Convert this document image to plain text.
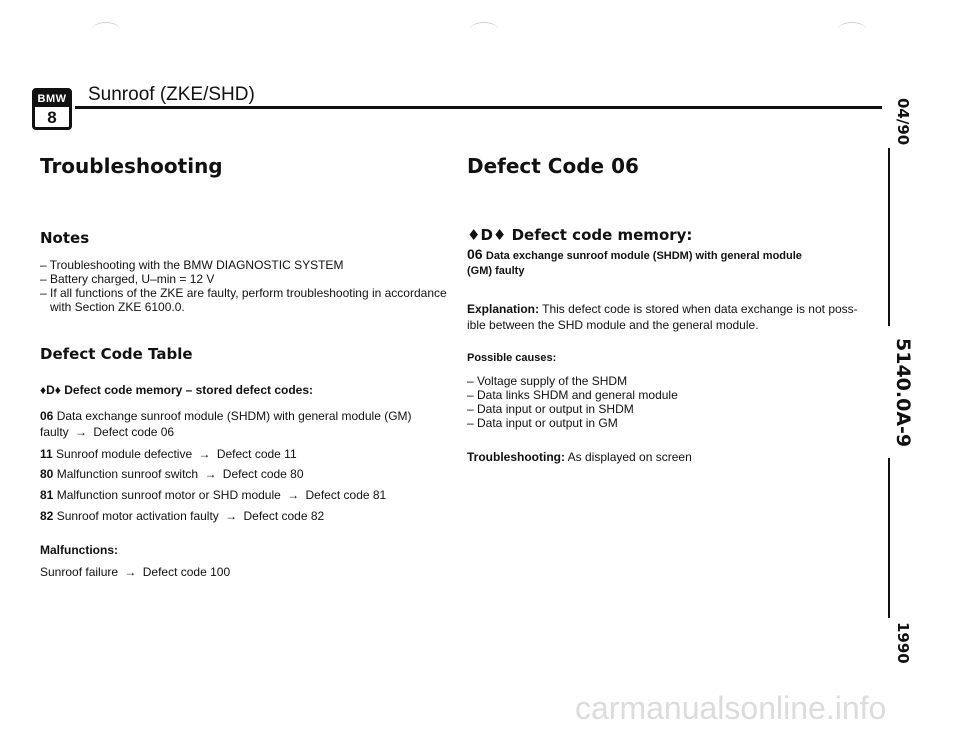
BMW
8
Sunroof (ZKE/SHD)
04/90
5140.0A-9
1990
Troubleshooting
Notes
– Troubleshooting with the BMW DIAGNOSTIC SYSTEM
– Battery charged, U–min = 12 V
– If all functions of the ZKE are faulty, perform troubleshooting in accordance
with Section ZKE 6100.0.
Defect Code Table
♦D♦ Defect code memory – stored defect codes:
06 Data exchange sunroof module (SHDM) with general module (GM)
faulty → Defect code 06
11 Sunroof module defective → Defect code 11
80 Malfunction sunroof switch → Defect code 80
81 Malfunction sunroof motor or SHD module → Defect code 81
82 Sunroof motor activation faulty → Defect code 82
Malfunctions:
Sunroof failure → Defect code 100
Defect Code 06
♦D♦ Defect code memory:
06 Data exchange sunroof module (SHDM) with general module
(GM) faulty
Explanation: This defect code is stored when data exchange is not poss-
ible between the SHD module and the general module.
Possible causes:
– Voltage supply of the SHDM
– Data links SHDM and general module
– Data input or output in SHDM
– Data input or output in GM
Troubleshooting: As displayed on screen
carmanualsonline.info
